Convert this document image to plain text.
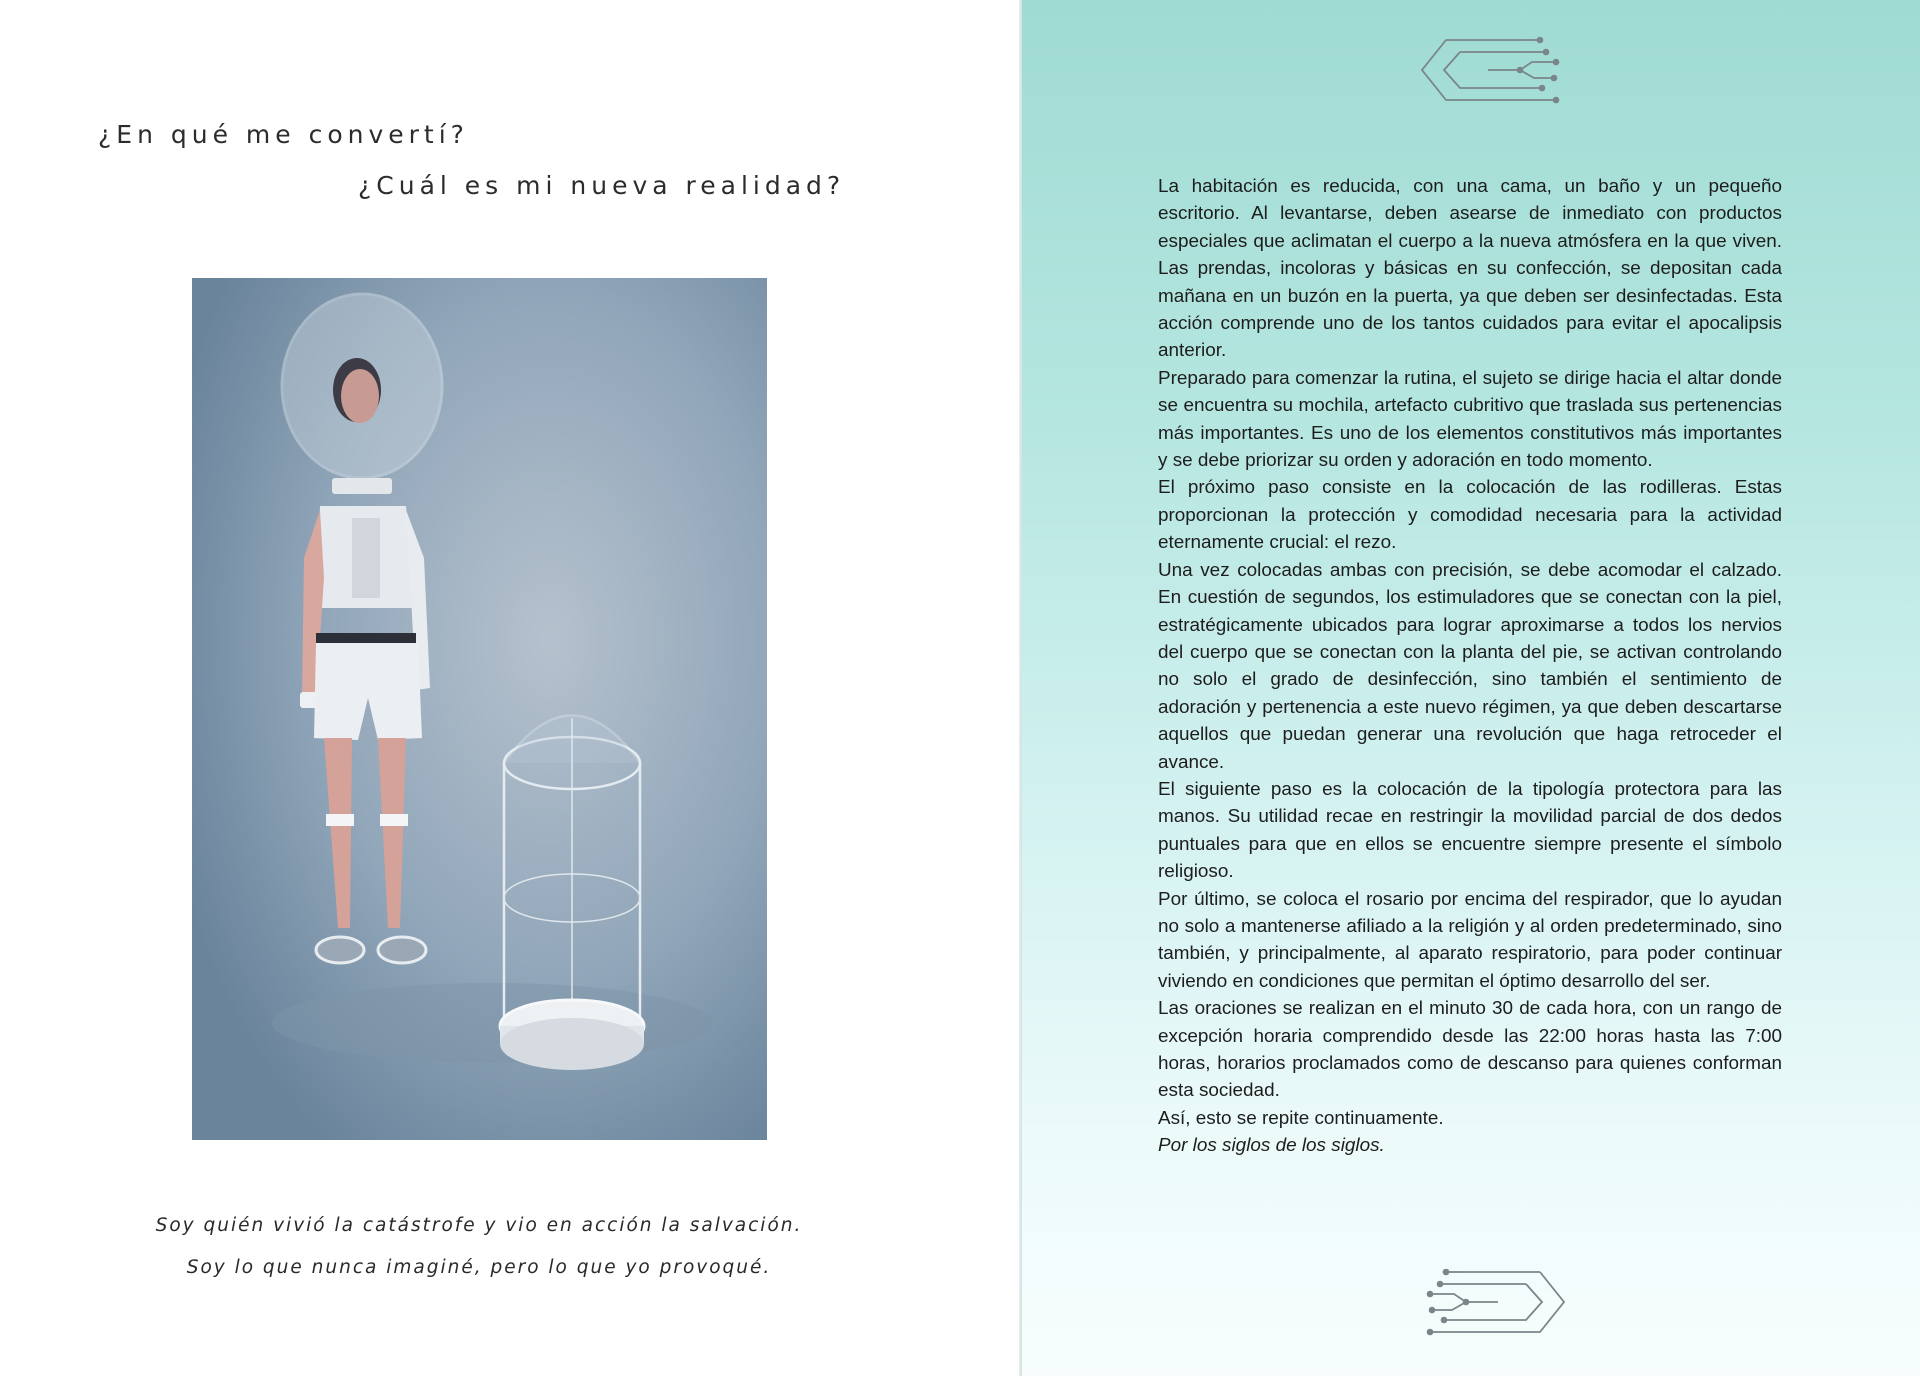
¿En qué me convertí?
¿Cuál es mi nueva realidad?

Soy quién vivió la catástrofe y vio en acción la salvación.

Soy lo que nunca imaginé, pero lo que yo provoqué.

La habitación es reducida, con una cama, un baño y un pequeño escritorio. Al levantarse, deben asearse de inmediato con productos especiales que aclimatan el cuerpo a la nueva atmósfera en la que viven. Las prendas, incoloras y básicas en su confección, se depositan cada mañana en un buzón en la puerta, ya que deben ser desinfectadas. Esta acción comprende uno de los tantos cuidados para evitar el apocalipsis anterior.

Preparado para comenzar la rutina, el sujeto se dirige hacia el altar donde se encuentra su mochila, artefacto cubritivo que traslada sus pertenencias más importantes. Es uno de los elementos constitutivos más importantes y se debe priorizar su orden y adoración en todo momento.

El próximo paso consiste en la colocación de las rodilleras. Estas proporcionan la protección y comodidad necesaria para la actividad eternamente crucial: el rezo.

Una vez colocadas ambas con precisión, se debe acomodar el calzado. En cuestión de segundos, los estimuladores que se conectan con la piel, estratégicamente ubicados para lograr aproximarse a todos los nervios del cuerpo que se conectan con la planta del pie, se activan controlando no solo el grado de desinfección, sino también el sentimiento de adoración y pertenencia a este nuevo régimen, ya que deben descartarse aquellos que puedan generar una revolución que haga retroceder el avance.

El siguiente paso es la colocación de la tipología protectora para las manos. Su utilidad recae en restringir la movilidad parcial de dos dedos puntuales para que en ellos se encuentre siempre presente el símbolo religioso.

Por último, se coloca el rosario por encima del respirador, que lo ayudan no solo a mantenerse afiliado a la religión y al orden predeterminado, sino también, y principalmente, al aparato respiratorio, para poder continuar viviendo en condiciones que permitan el óptimo desarrollo del ser.

Las oraciones se realizan en el minuto 30 de cada hora, con un rango de excepción horaria comprendido desde las 22:00 horas hasta las 7:00 horas, horarios proclamados como de descanso para quienes conforman esta sociedad.

Así, esto se repite continuamente.

Por los siglos de los siglos.
